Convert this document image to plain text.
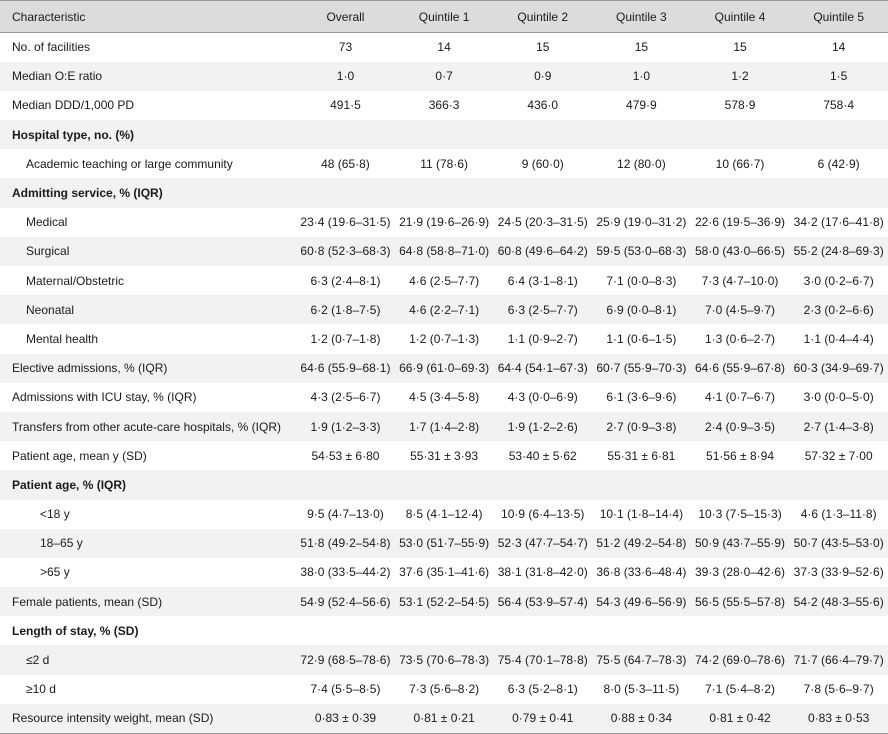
Characteristic	Overall	Quintile 1	Quintile 2	Quintile 3	Quintile 4	Quintile 5
No. of facilities	73	14	15	15	15	14
Median O:E ratio	1·0	0·7	0·9	1·0	1·2	1·5
Median DDD/1,000 PD	491·5	366·3	436·0	479·9	578·9	758·4
Hospital type, no. (%)						
Academic teaching or large community	48 (65·8)	11 (78·6)	9 (60·0)	12 (80·0)	10 (66·7)	6 (42·9)
Admitting service, % (IQR)						
Medical	23·4 (19·6–31·5)	21·9 (19·6–26·9)	24·5 (20·3–31·5)	25·9 (19·0–31·2)	22·6 (19·5–36·9)	34·2 (17·6–41·8)
Surgical	60·8 (52·3–68·3)	64·8 (58·8–71·0)	60·8 (49·6–64·2)	59·5 (53·0–68·3)	58·0 (43·0–66·5)	55·2 (24·8–69·3)
Maternal/Obstetric	6·3 (2·4–8·1)	4·6 (2·5–7·7)	6·4 (3·1–8·1)	7·1 (0·0–8·3)	7·3 (4·7–10·0)	3·0 (0·2–6·7)
Neonatal	6·2 (1·8–7·5)	4·6 (2·2–7·1)	6·3 (2·5–7·7)	6·9 (0·0–8·1)	7·0 (4·5–9·7)	2·3 (0·2–6·6)
Mental health	1·2 (0·7–1·8)	1·2 (0·7–1·3)	1·1 (0·9–2·7)	1·1 (0·6–1·5)	1·3 (0·6–2·7)	1·1 (0·4–4·4)
Elective admissions, % (IQR)	64·6 (55·9–68·1)	66·9 (61·0–69·3)	64·4 (54·1–67·3)	60·7 (55·9–70·3)	64·6 (55·9–67·8)	60·3 (34·9–69·7)
Admissions with ICU stay, % (IQR)	4·3 (2·5–6·7)	4·5 (3·4–5·8)	4·3 (0·0–6·9)	6·1 (3·6–9·6)	4·1 (0·7–6·7)	3·0 (0·0–5·0)
Transfers from other acute-care hospitals, % (IQR)	1·9 (1·2–3·3)	1·7 (1·4–2·8)	1·9 (1·2–2·6)	2·7 (0·9–3·8)	2·4 (0·9–3·5)	2·7 (1·4–3·8)
Patient age, mean y (SD)	54·53 ± 6·80	55·31 ± 3·93	53·40 ± 5·62	55·31 ± 6·81	51·56 ± 8·94	57·32 ± 7·00
Patient age, % (IQR)						
<18 y	9·5 (4·7–13·0)	8·5 (4·1–12·4)	10·9 (6·4–13·5)	10·1 (1·8–14·4)	10·3 (7·5–15·3)	4·6 (1·3–11·8)
18–65 y	51·8 (49·2–54·8)	53·0 (51·7–55·9)	52·3 (47·7–54·7)	51·2 (49·2–54·8)	50·9 (43·7–55·9)	50·7 (43·5–53·0)
>65 y	38·0 (33·5–44·2)	37·6 (35·1–41·6)	38·1 (31·8–42·0)	36·8 (33·6–48·4)	39·3 (28·0–42·6)	37·3 (33·9–52·6)
Female patients, mean (SD)	54·9 (52·4–56·6)	53·1 (52·2–54·5)	56·4 (53·9–57·4)	54·3 (49·6–56·9)	56·5 (55·5–57·8)	54·2 (48·3–55·6)
Length of stay, % (SD)						
≤2 d	72·9 (68·5–78·6)	73·5 (70·6–78·3)	75·4 (70·1–78·8)	75·5 (64·7–78·3)	74·2 (69·0–78·6)	71·7 (66·4–79·7)
≥10 d	7·4 (5·5–8·5)	7·3 (5·6–8·2)	6·3 (5·2–8·1)	8·0 (5·3–11·5)	7·1 (5·4–8·2)	7·8 (5·6–9·7)
Resource intensity weight, mean (SD)	0·83 ± 0·39	0·81 ± 0·21	0·79 ± 0·41	0·88 ± 0·34	0·81 ± 0·42	0·83 ± 0·53
